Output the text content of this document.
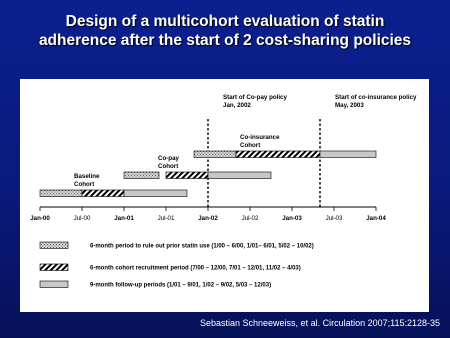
Design of a multicohort evaluation of statin
adherence after the start of 2 cost-sharing policies
Start of Co-pay policy
Jan, 2002
Start of co-insurance policy
May, 2003
Baseline
Cohort
Co-pay
Cohort
Co-insurance
Cohort
Jan-00	Jul-00	Jan-01	Jul-01	Jan-02	Jul-02	Jan-03	Jul-03	Jan-04
6-month period to rule out prior statin use (1/00 – 6/00, 1/01– 6/01, 5/02 – 10/02)
6-month cohort recruitment period (7/00 – 12/00, 7/01 – 12/01, 11/02 – 4/03)
9-month follow-up periods (1/01 – 9/01, 1/02 – 9/02, 5/03 – 12/03)
Sebastian Schneeweiss, et al. Circulation 2007;115:2128-35
